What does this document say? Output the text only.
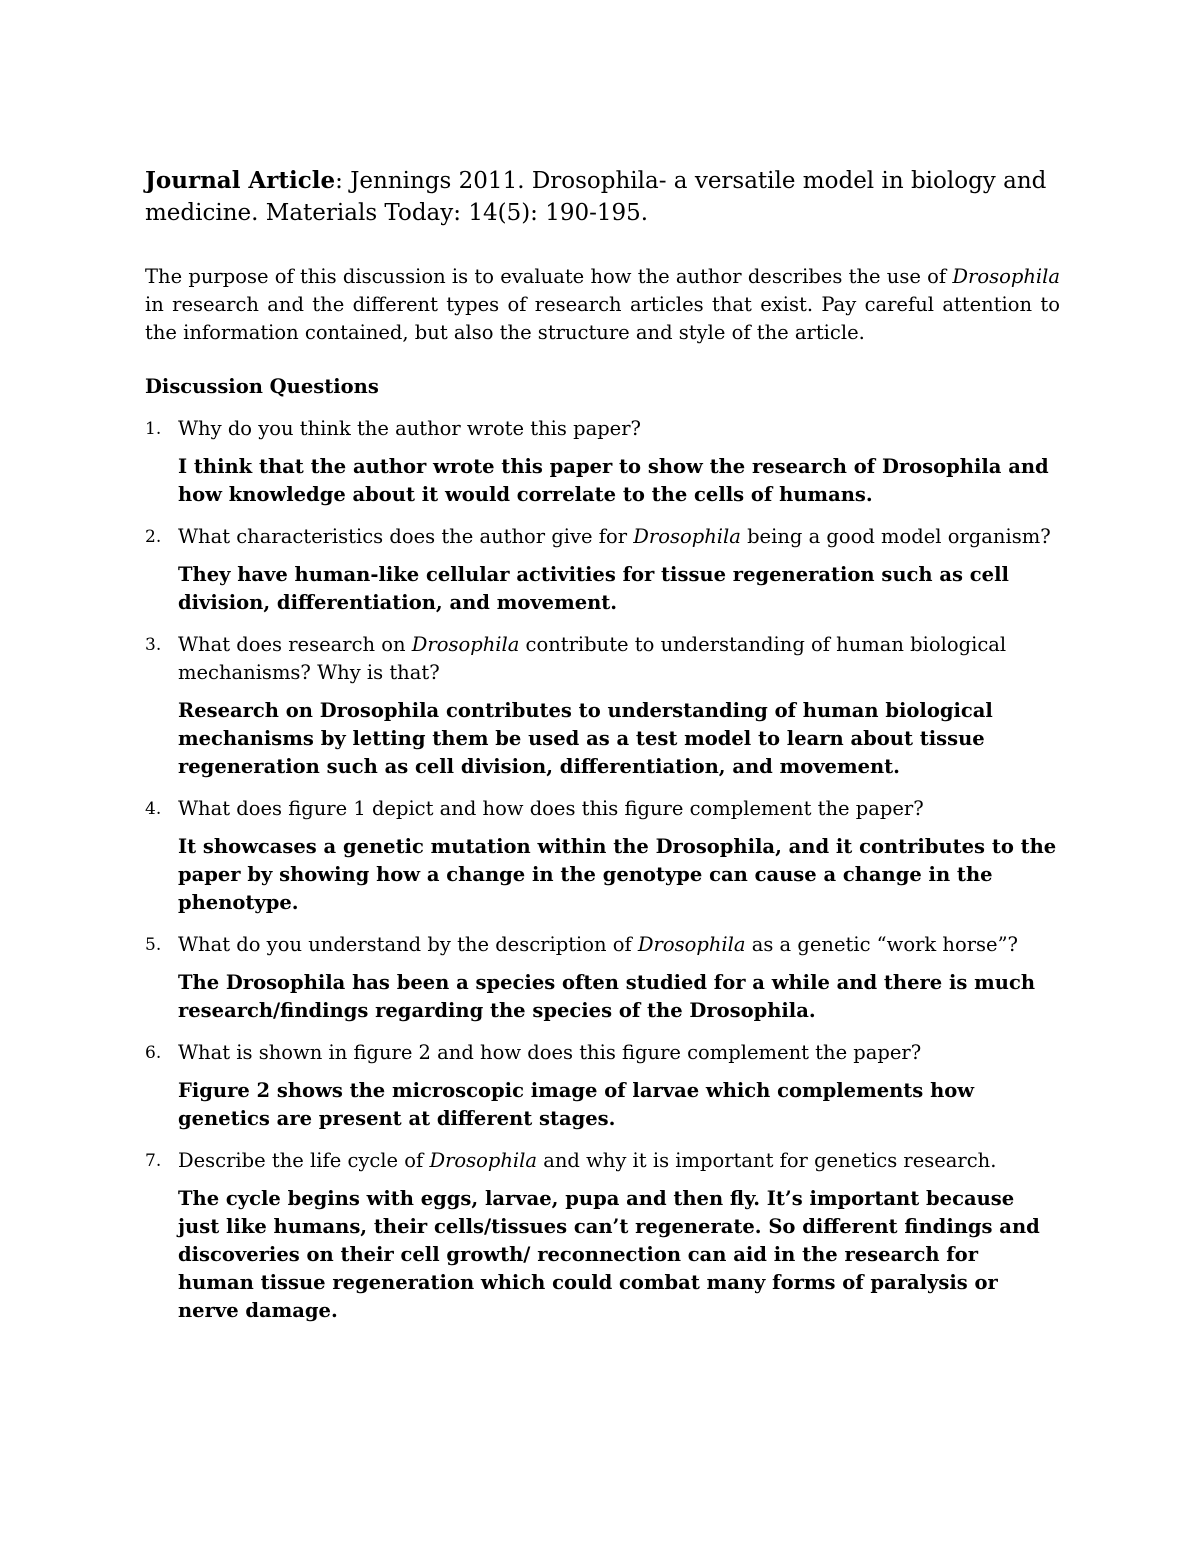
Journal Article: Jennings 2011. Drosophila- a versatile model in biology and medicine. Materials Today: 14(5): 190-195.

The purpose of this discussion is to evaluate how the author describes the use of Drosophila in research and the different types of research articles that exist. Pay careful attention to the information contained, but also the structure and style of the article.

Discussion Questions
1. Why do you think the author wrote this paper?

I think that the author wrote this paper to show the research of Drosophila and how knowledge about it would correlate to the cells of humans.

2. What characteristics does the author give for Drosophila being a good model organism?

They have human-like cellular activities for tissue regeneration such as cell division, differentiation, and movement.

3. What does research on Drosophila contribute to understanding of human biological mechanisms? Why is that?

Research on Drosophila contributes to understanding of human biological mechanisms by letting them be used as a test model to learn about tissue regeneration such as cell division, differentiation, and movement.

4. What does figure 1 depict and how does this figure complement the paper?

It showcases a genetic mutation within the Drosophila, and it contributes to the paper by showing how a change in the genotype can cause a change in the phenotype.

5. What do you understand by the description of Drosophila as a genetic “work horse”?

The Drosophila has been a species often studied for a while and there is much research/findings regarding the species of the Drosophila.

6. What is shown in figure 2 and how does this figure complement the paper?

Figure 2 shows the microscopic image of larvae which complements how genetics are present at different stages.

7. Describe the life cycle of Drosophila and why it is important for genetics research.

The cycle begins with eggs, larvae, pupa and then fly. It’s important because just like humans, their cells/tissues can’t regenerate. So different findings and discoveries on their cell growth/ reconnection can aid in the research for human tissue regeneration which could combat many forms of paralysis or nerve damage.
